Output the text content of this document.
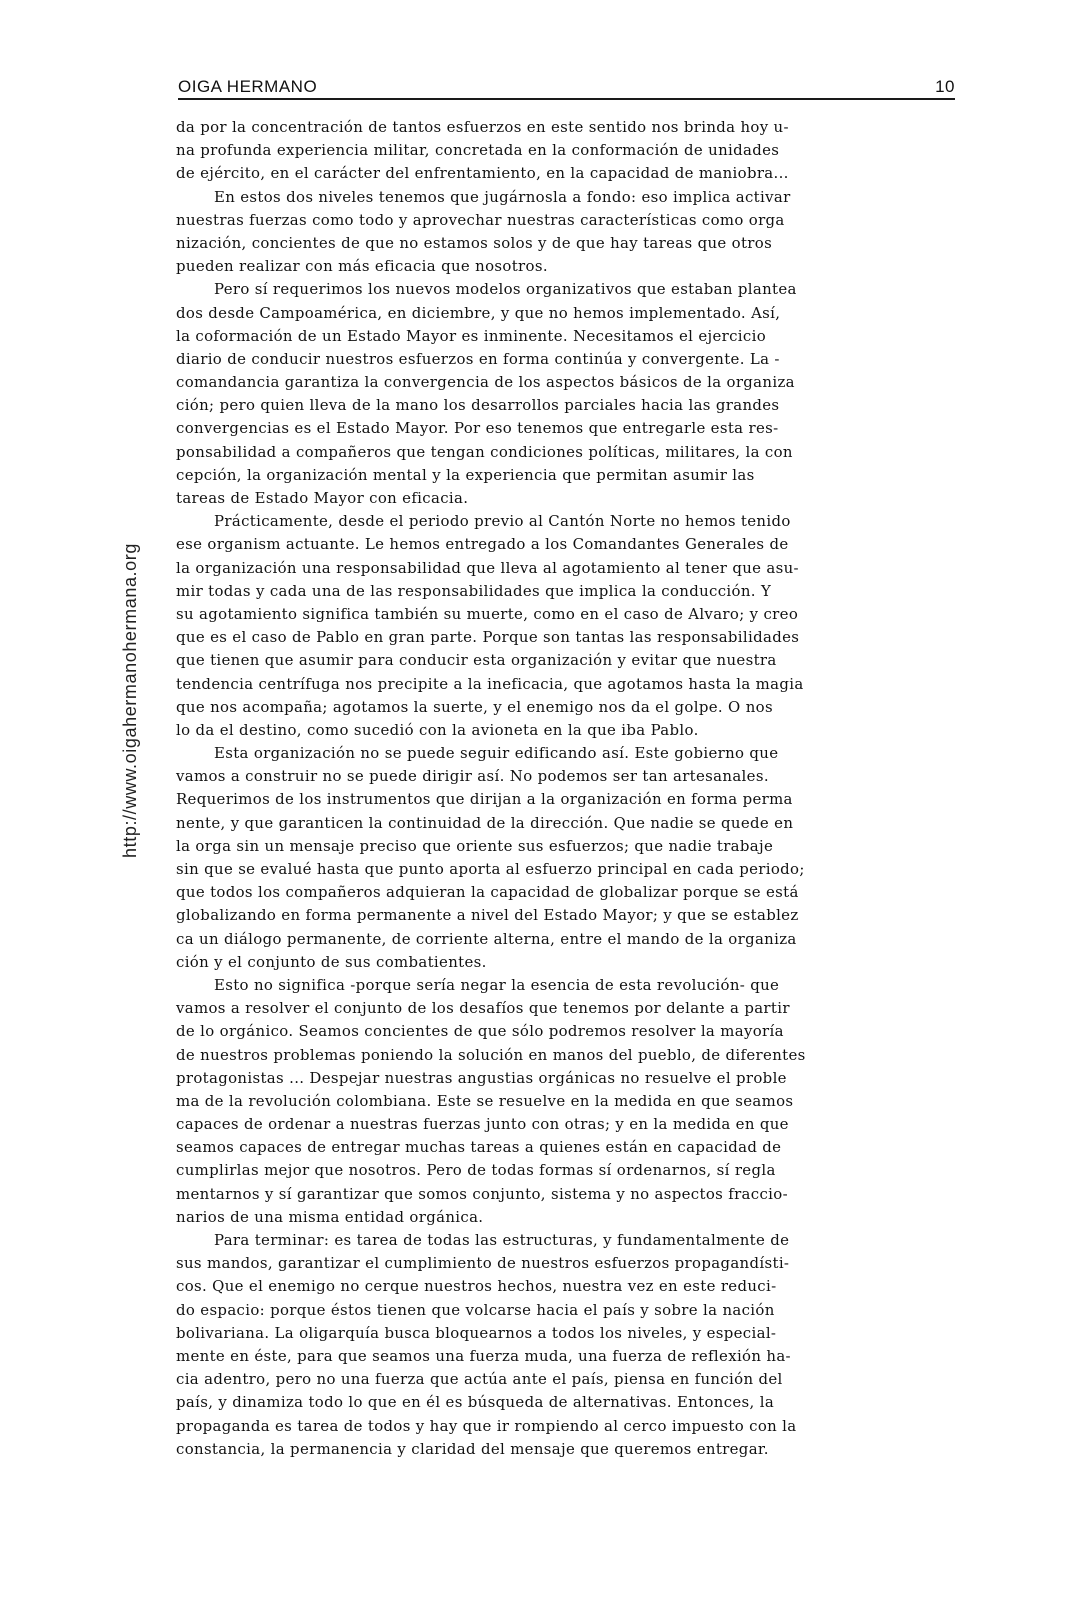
OIGA HERMANO	10
http://www.oigahermanohermana.org
da por la concentración de tantos esfuerzos en este sentido nos brinda hoy u-
na profunda experiencia militar, concretada en la conformación de unidades
de ejército, en el carácter del enfrentamiento, en la capacidad de maniobra...
En estos dos niveles tenemos que jugárnosla a fondo: eso implica activar
nuestras fuerzas como todo y aprovechar nuestras características como orga
nización, concientes de que no estamos solos y de que hay tareas que otros
pueden realizar con más eficacia que nosotros.
Pero sí requerimos los nuevos modelos organizativos que estaban plantea
dos desde Campoamérica, en diciembre, y que no hemos implementado. Así,
la coformación de un Estado Mayor es inminente. Necesitamos el ejercicio
diario de conducir nuestros esfuerzos en forma continúa y convergente. La -
comandancia garantiza la convergencia de los aspectos básicos de la organiza
ción; pero quien lleva de la mano los desarrollos parciales hacia las grandes
convergencias es el Estado Mayor. Por eso tenemos que entregarle esta res-
ponsabilidad a compañeros que tengan condiciones políticas, militares, la con
cepción, la organización mental y la experiencia que permitan asumir las
tareas de Estado Mayor con eficacia.
Prácticamente, desde el periodo previo al Cantón Norte no hemos tenido
ese organism actuante. Le hemos entregado a los Comandantes Generales de
la organización una responsabilidad que lleva al agotamiento al tener que asu-
mir todas y cada una de las responsabilidades que implica la conducción. Y
su agotamiento significa también su muerte, como en el caso de Alvaro; y creo
que es el caso de Pablo en gran parte. Porque son tantas las responsabilidades
que tienen que asumir para conducir esta organización y evitar que nuestra
tendencia centrífuga nos precipite a la ineficacia, que agotamos hasta la magia
que nos acompaña; agotamos la suerte, y el enemigo nos da el golpe. O nos
lo da el destino, como sucedió con la avioneta en la que iba Pablo.
Esta organización no se puede seguir edificando así. Este gobierno que
vamos a construir no se puede dirigir así. No podemos ser tan artesanales.
Requerimos de los instrumentos que dirijan a la organización en forma perma
nente, y que garanticen la continuidad de la dirección. Que nadie se quede en
la orga sin un mensaje preciso que oriente sus esfuerzos; que nadie trabaje
sin que se evalué hasta que punto aporta al esfuerzo principal en cada periodo;
que todos los compañeros adquieran la capacidad de globalizar porque se está
globalizando en forma permanente a nivel del Estado Mayor; y que se establez
ca un diálogo permanente, de corriente alterna, entre el mando de la organiza
ción y el conjunto de sus combatientes.
Esto no significa -porque sería negar la esencia de esta revolución- que
vamos a resolver el conjunto de los desafíos que tenemos por delante a partir
de lo orgánico. Seamos concientes de que sólo podremos resolver la mayoría
de nuestros problemas poniendo la solución en manos del pueblo, de diferentes
protagonistas ... Despejar nuestras angustias orgánicas no resuelve el proble
ma de la revolución colombiana. Este se resuelve en la medida en que seamos
capaces de ordenar a nuestras fuerzas junto con otras; y en la medida en que
seamos capaces de entregar muchas tareas a quienes están en capacidad de
cumplirlas mejor que nosotros. Pero de todas formas sí ordenarnos, sí regla
mentarnos y sí garantizar que somos conjunto, sistema y no aspectos fraccio-
narios de una misma entidad orgánica.
Para terminar: es tarea de todas las estructuras, y fundamentalmente de
sus mandos, garantizar el cumplimiento de nuestros esfuerzos propagandísti-
cos. Que el enemigo no cerque nuestros hechos, nuestra vez en este reduci-
do espacio: porque éstos tienen que volcarse hacia el país y sobre la nación
bolivariana. La oligarquía busca bloquearnos a todos los niveles, y especial-
mente en éste, para que seamos una fuerza muda, una fuerza de reflexión ha-
cia adentro, pero no una fuerza que actúa ante el país, piensa en función del
país, y dinamiza todo lo que en él es búsqueda de alternativas. Entonces, la
propaganda es tarea de todos y hay que ir rompiendo al cerco impuesto con la
constancia, la permanencia y claridad del mensaje que queremos entregar.
